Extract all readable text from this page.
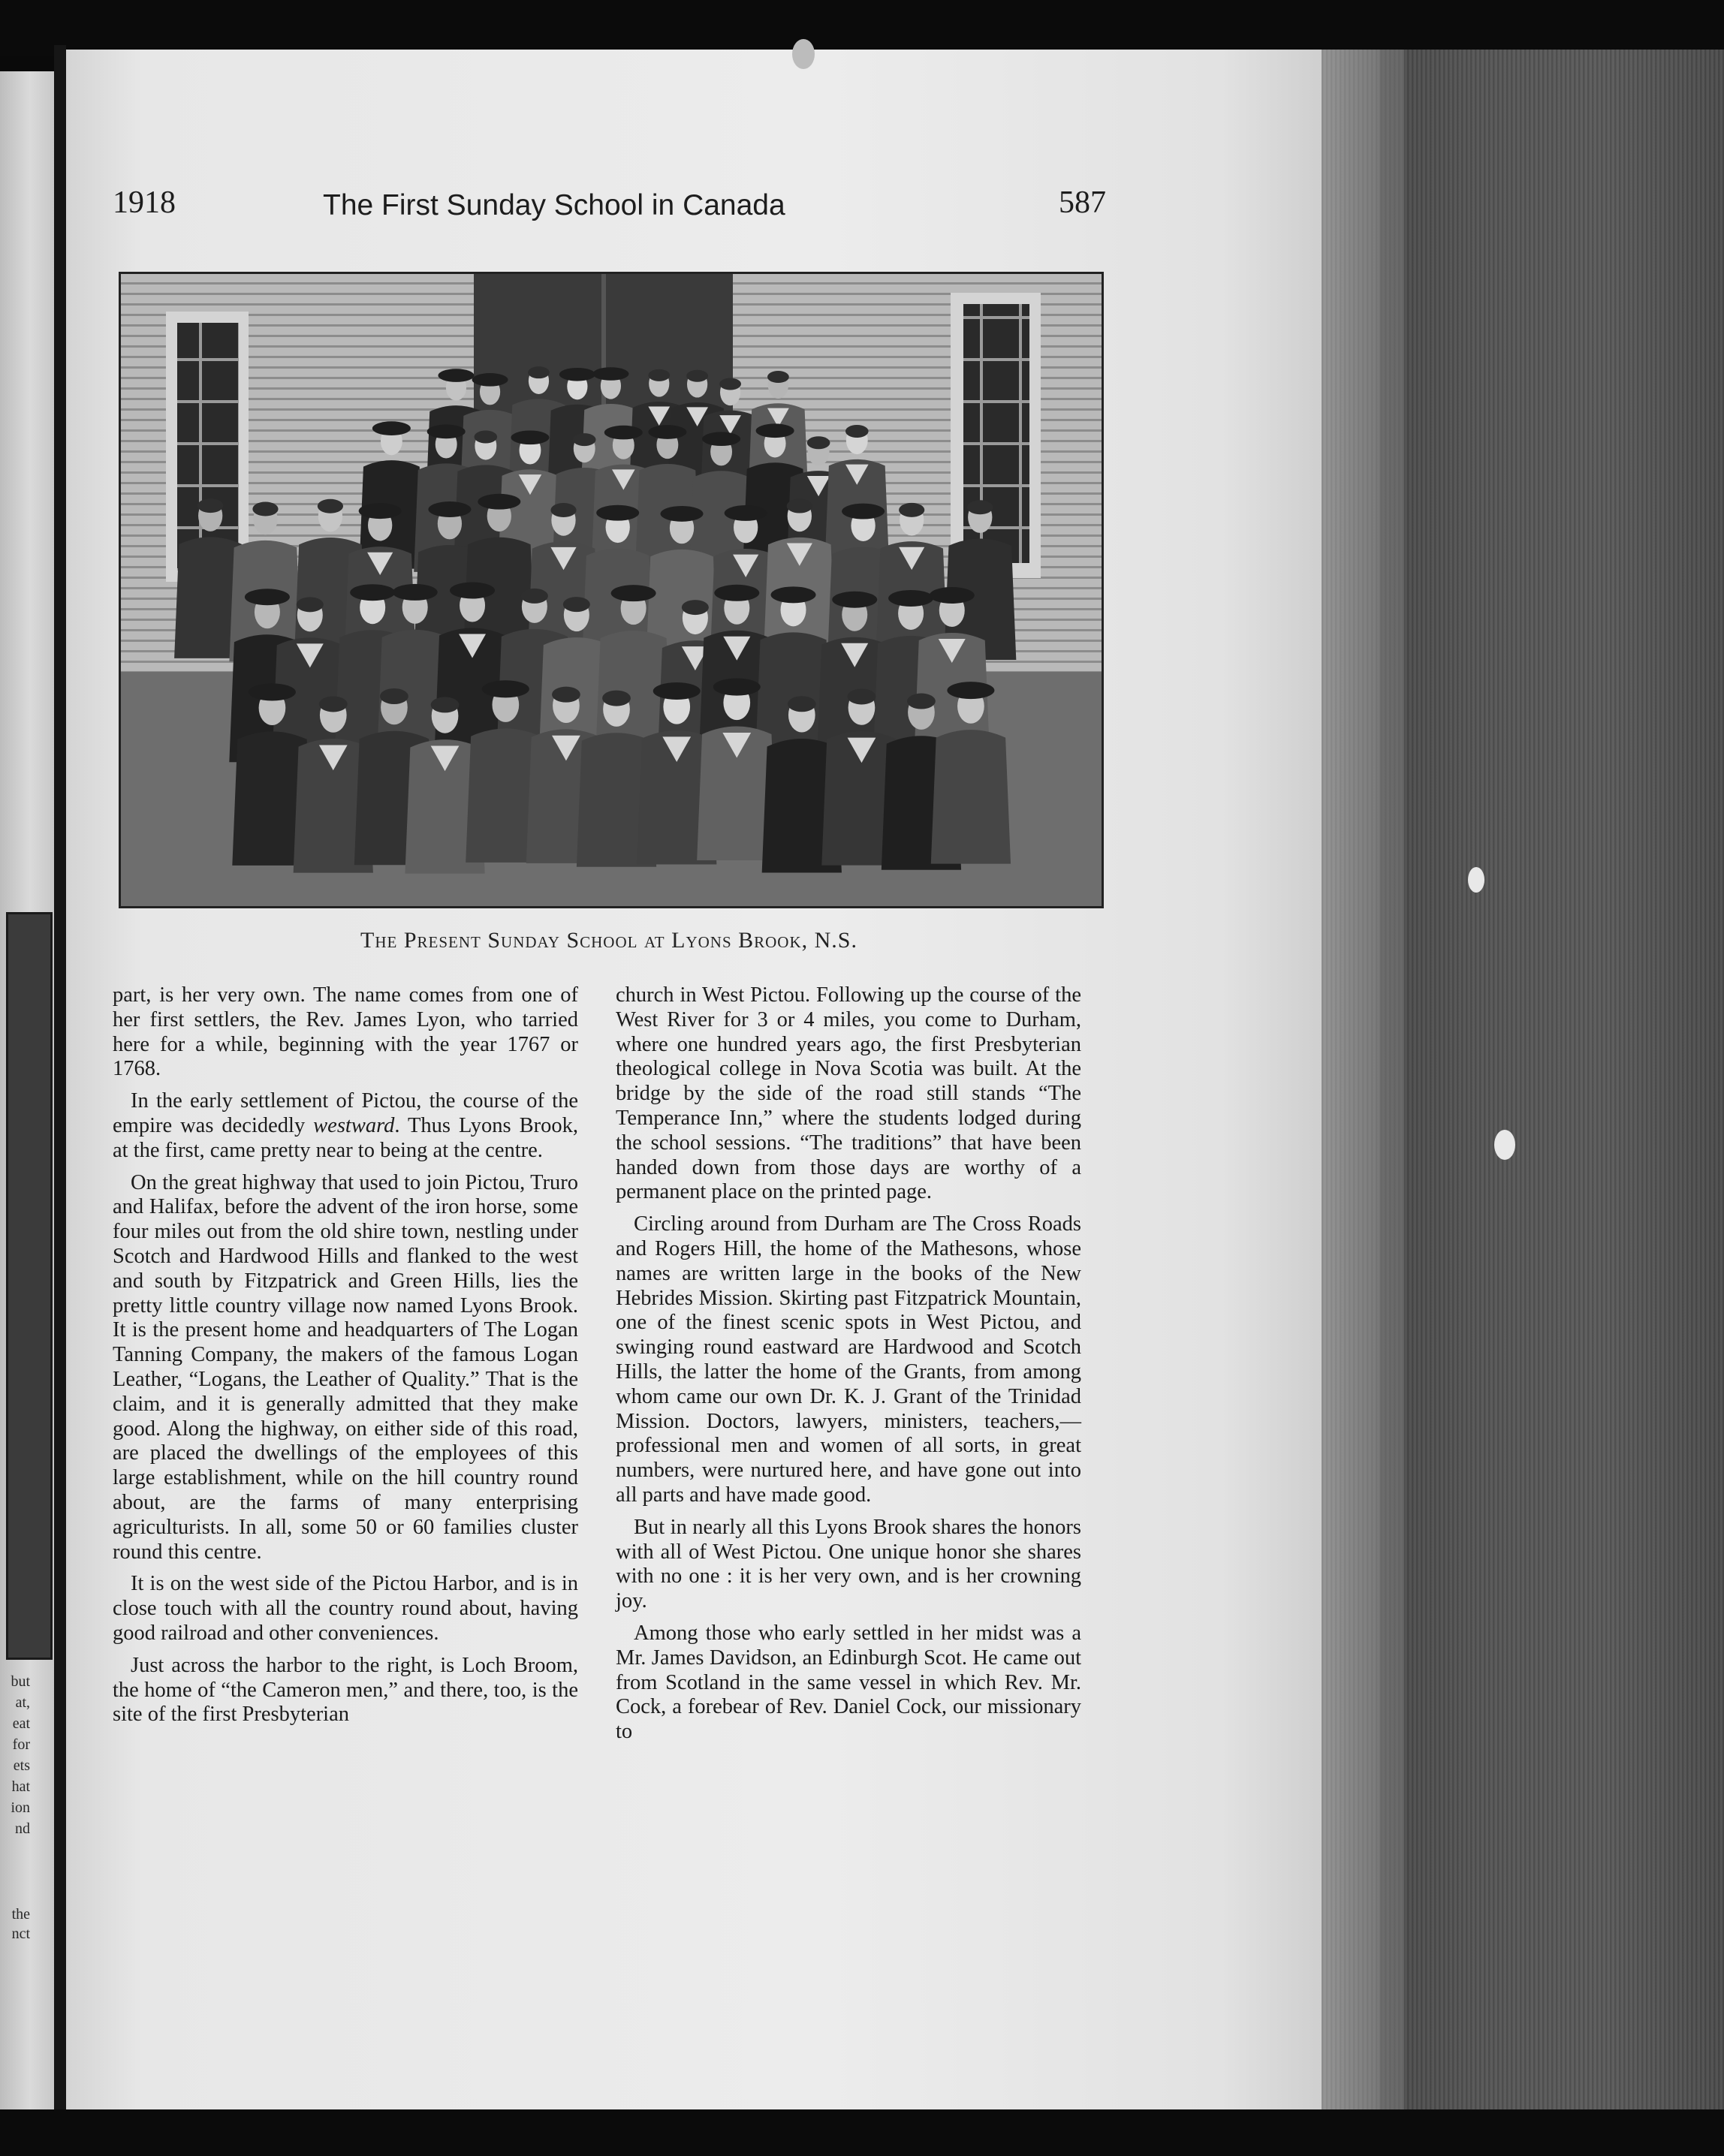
but
at,
eat
for
ets
hat
ion
nd
the
nct
1918	The First Sunday School in Canada	587
The Present Sunday School at Lyons Brook, N.S.

part, is her very own. The name comes from one of her first settlers, the Rev. James Lyon, who tarried here for a while, beginning with the year 1767 or 1768.

In the early settlement of Pictou, the course of the empire was decidedly westward. Thus Lyons Brook, at the first, came pretty near to being at the centre.

On the great highway that used to join Pictou, Truro and Halifax, before the advent of the iron horse, some four miles out from the old shire town, nestling under Scotch and Hardwood Hills and flanked to the west and south by Fitzpatrick and Green Hills, lies the pretty little country village now named Lyons Brook. It is the present home and headquarters of The Logan Tanning Company, the makers of the famous Logan Leather, “Logans, the Leather of Quality.” That is the claim, and it is generally admitted that they make good. Along the highway, on either side of this road, are placed the dwellings of the employees of this large establishment, while on the hill country round about, are the farms of many enterprising agriculturists. In all, some 50 or 60 families cluster round this centre.

It is on the west side of the Pictou Harbor, and is in close touch with all the country round about, having good railroad and other conveniences.

Just across the harbor to the right, is Loch Broom, the home of “the Cameron men,” and there, too, is the site of the first Presbyterian

church in West Pictou. Following up the course of the West River for 3 or 4 miles, you come to Durham, where one hundred years ago, the first Presbyterian theological college in Nova Scotia was built. At the bridge by the side of the road still stands “The Temperance Inn,” where the students lodged during the school sessions. “The traditions” that have been handed down from those days are worthy of a permanent place on the printed page.

Circling around from Durham are The Cross Roads and Rogers Hill, the home of the Mathesons, whose names are written large in the books of the New Hebrides Mission. Skirting past Fitzpatrick Mountain, one of the finest scenic spots in West Pictou, and swinging round eastward are Hardwood and Scotch Hills, the latter the home of the Grants, from among whom came our own Dr. K. J. Grant of the Trinidad Mission. Doctors, lawyers, ministers, teachers,—professional men and women of all sorts, in great numbers, were nurtured here, and have gone out into all parts and have made good.

But in nearly all this Lyons Brook shares the honors with all of West Pictou. One unique honor she shares with no one : it is her very own, and is her crowning joy.

Among those who early settled in her midst was a Mr. James Davidson, an Edinburgh Scot. He came out from Scotland in the same vessel in which Rev. Mr. Cock, a forebear of Rev. Daniel Cock, our missionary to
